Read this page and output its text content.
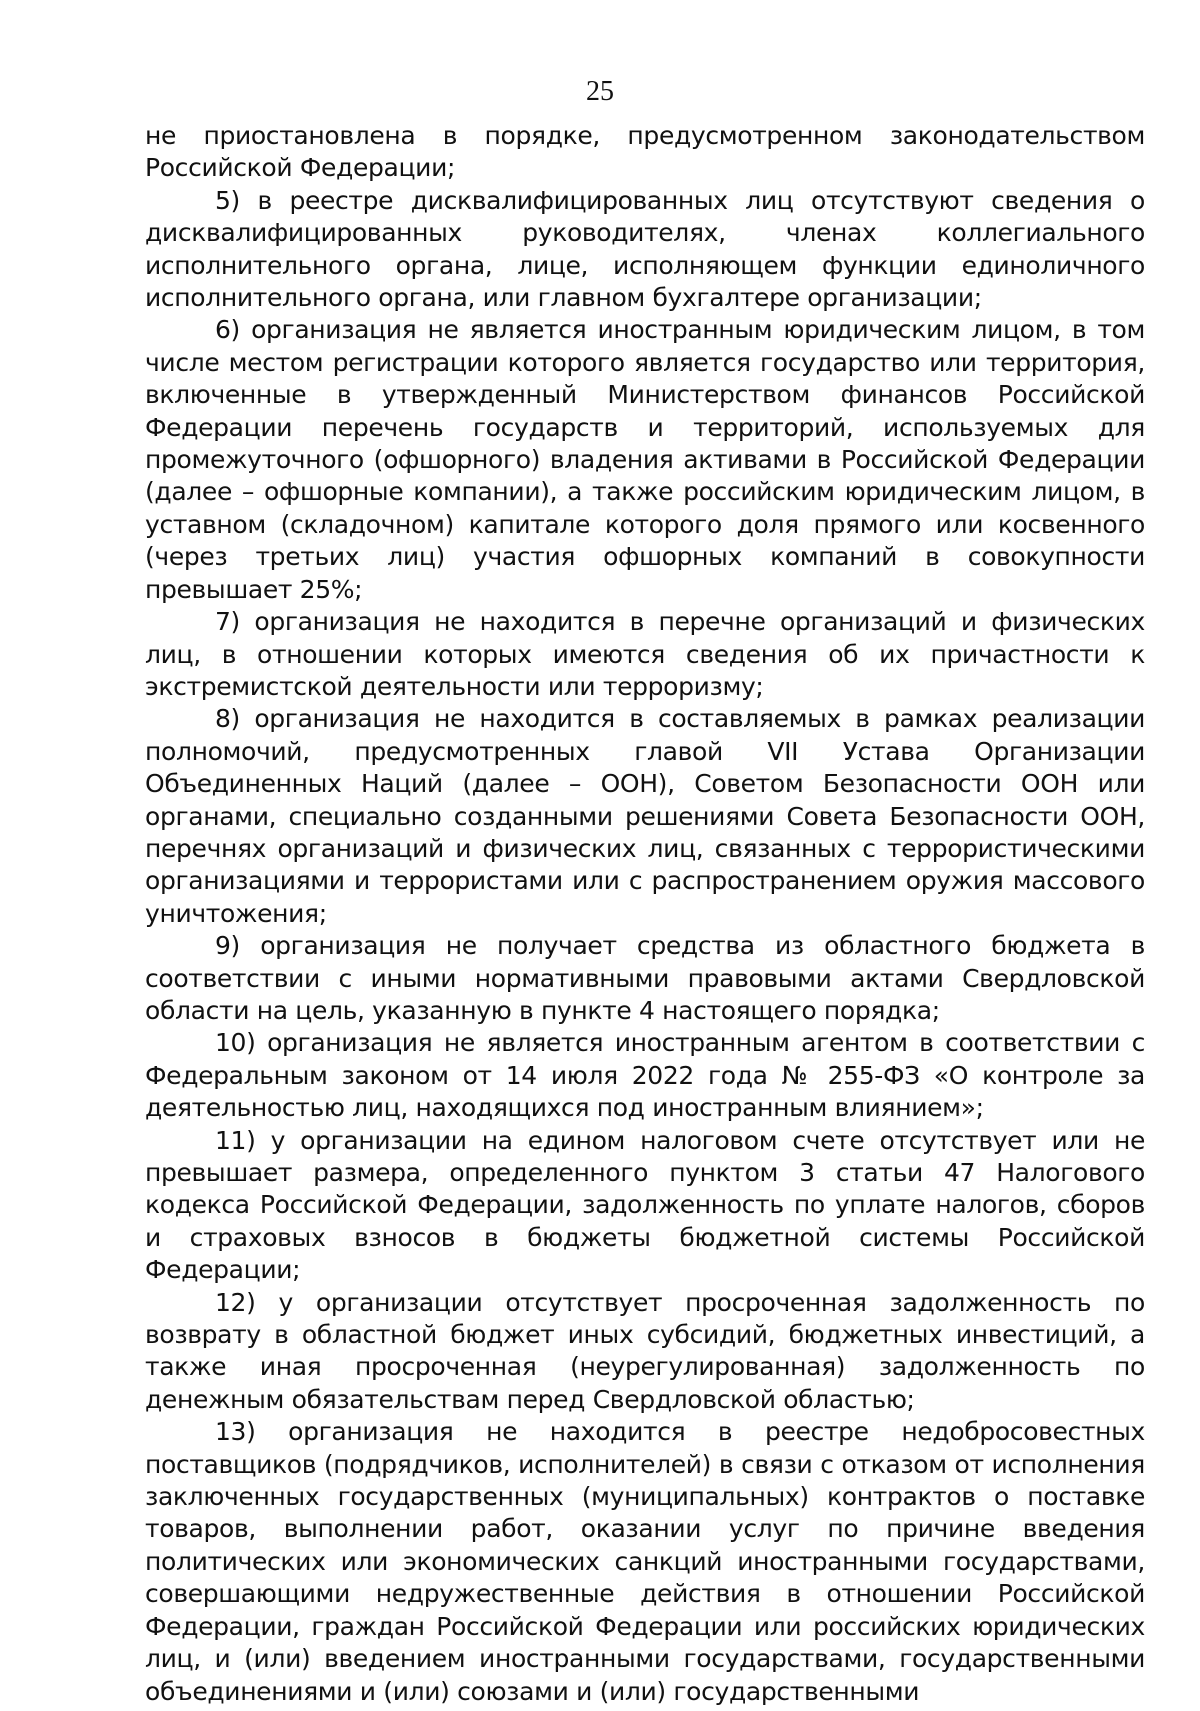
25

не приостановлена в порядке, предусмотренном законодательством Российской Федерации;

5) в реестре дисквалифицированных лиц отсутствуют сведения о дисквалифицированных руководителях, членах коллегиального исполнительного органа, лице, исполняющем функции единоличного исполнительного органа, или главном бухгалтере организации;

6) организация не является иностранным юридическим лицом, в том числе местом регистрации которого является государство или территория, включенные в утвержденный Министерством финансов Российской Федерации перечень государств и территорий, используемых для промежуточного (офшорного) владения активами в Российской Федерации (далее – офшорные компании), а также российским юридическим лицом, в уставном (складочном) капитале которого доля прямого или косвенного (через третьих лиц) участия офшорных компаний в совокупности превышает 25%;

7) организация не находится в перечне организаций и физических лиц, в отношении которых имеются сведения об их причастности к экстремистской деятельности или терроризму;

8) организация не находится в составляемых в рамках реализации полномочий, предусмотренных главой VII Устава Организации Объединенных Наций (далее – ООН), Советом Безопасности ООН или органами, специально созданными решениями Совета Безопасности ООН, перечнях организаций и физических лиц, связанных с террористическими организациями и террористами или с распространением оружия массового уничтожения;

9) организация не получает средства из областного бюджета в соответствии с иными нормативными правовыми актами Свердловской области на цель, указанную в пункте 4 настоящего порядка;

10) организация не является иностранным агентом в соответствии с Федеральным законом от 14 июля 2022 года № 255-ФЗ «О контроле за деятельностью лиц, находящихся под иностранным влиянием»;

11) у организации на едином налоговом счете отсутствует или не превышает размера, определенного пунктом 3 статьи 47 Налогового кодекса Российской Федерации, задолженность по уплате налогов, сборов и страховых взносов в бюджеты бюджетной системы Российской Федерации;

12) у организации отсутствует просроченная задолженность по возврату в областной бюджет иных субсидий, бюджетных инвестиций, а также иная просроченная (неурегулированная) задолженность по денежным обязательствам перед Свердловской областью;

13) организация не находится в реестре недобросовестных поставщиков (подрядчиков, исполнителей) в связи с отказом от исполнения заключенных государственных (муниципальных) контрактов о поставке товаров, выполнении работ, оказании услуг по причине введения политических или экономических санкций иностранными государствами, совершающими недружественные действия в отношении Российской Федерации, граждан Российской Федерации или российских юридических лиц, и (или) введением иностранными государствами, государственными объединениями и (или) союзами и (или) государственными
